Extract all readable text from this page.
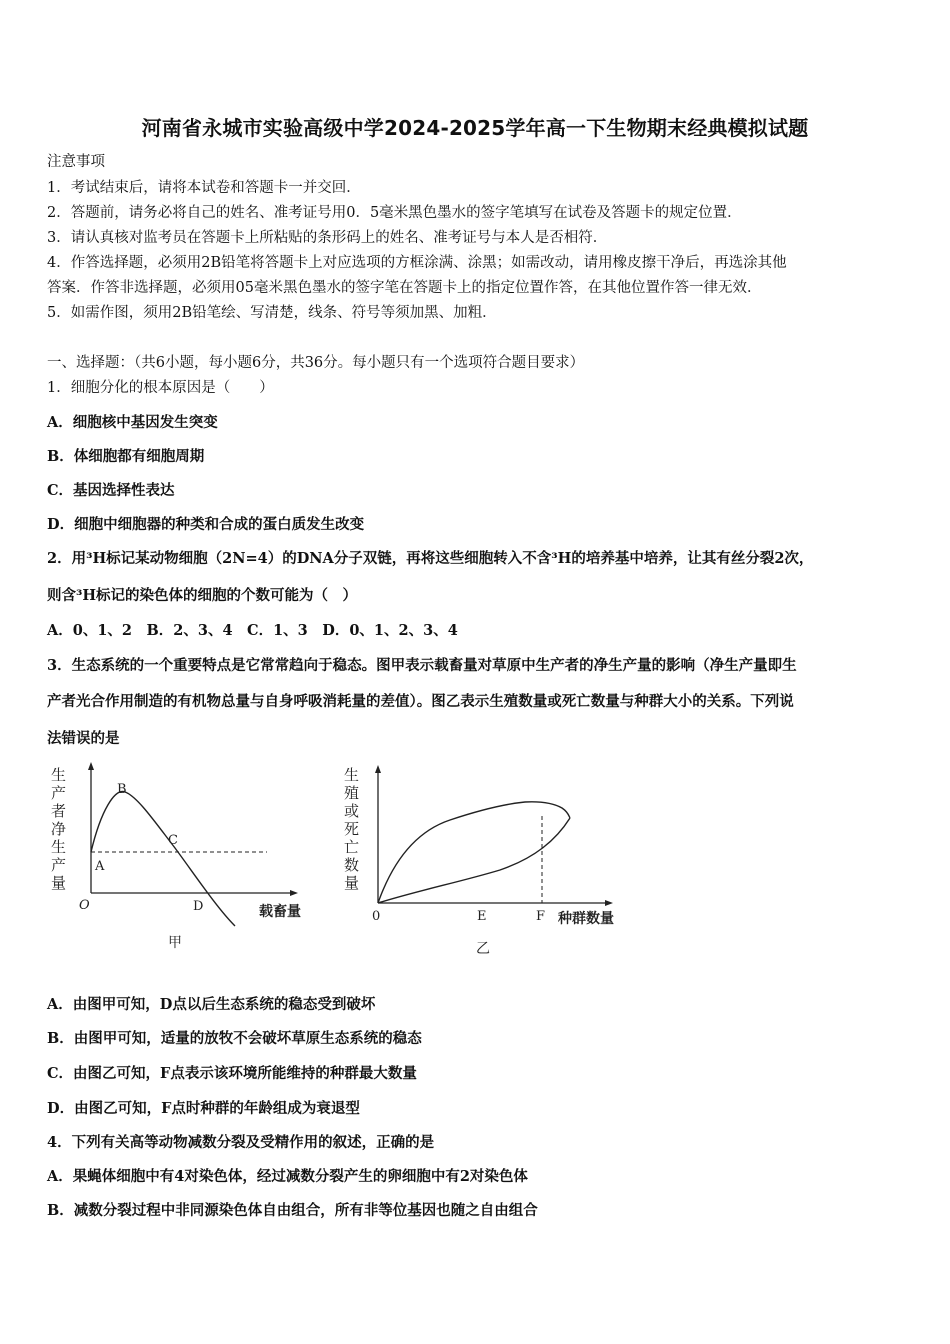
河南省永城市实验高级中学2024-2025学年高一下生物期末经典模拟试题
注意事项
1．考试结束后，请将本试卷和答题卡一并交回．
2．答题前，请务必将自己的姓名、准考证号用0．5毫米黑色墨水的签字笔填写在试卷及答题卡的规定位置．
3．请认真核对监考员在答题卡上所粘贴的条形码上的姓名、准考证号与本人是否相符．
4．作答选择题，必须用2B铅笔将答题卡上对应选项的方框涂满、涂黑；如需改动，请用橡皮擦干净后，再选涂其他
答案．作答非选择题，必须用05毫米黑色墨水的签字笔在答题卡上的指定位置作答，在其他位置作答一律无效．
5．如需作图，须用2B铅笔绘、写清楚，线条、符号等须加黑、加粗．
一、选择题：（共6小题，每小题6分，共36分。每小题只有一个选项符合题目要求）
1．细胞分化的根本原因是（　　）
A．细胞核中基因发生突变
B．体细胞都有细胞周期
C．基因选择性表达
D．细胞中细胞器的种类和合成的蛋白质发生改变
2．用³H标记某动物细胞（2N=4）的DNA分子双链，再将这些细胞转入不含³H的培养基中培养，让其有丝分裂2次，
则含³H标记的染色体的细胞的个数可能为（　）
A．0、1、2　B．2、3、4　C．1、3　D．0、1、2、3、4
3．生态系统的一个重要特点是它常常趋向于稳态。图甲表示载畜量对草原中生产者的净生产量的影响（净生产量即生
产者光合作用制造的有机物总量与自身呼吸消耗量的差值）。图乙表示生殖数量或死亡数量与种群大小的关系。下列说
法错误的是
生
产
者
净
生
产
量
B
A
C
D
O	载畜量
甲
生
殖
或
死
亡
数
量
0	E	F 种群数量
乙
A．由图甲可知，D点以后生态系统的稳态受到破坏
B．由图甲可知，适量的放牧不会破坏草原生态系统的稳态
C．由图乙可知，F点表示该环境所能维持的种群最大数量
D．由图乙可知，F点时种群的年龄组成为衰退型
4．下列有关高等动物减数分裂及受精作用的叙述，正确的是
A．果蝇体细胞中有4对染色体，经过减数分裂产生的卵细胞中有2对染色体
B．减数分裂过程中非同源染色体自由组合，所有非等位基因也随之自由组合
